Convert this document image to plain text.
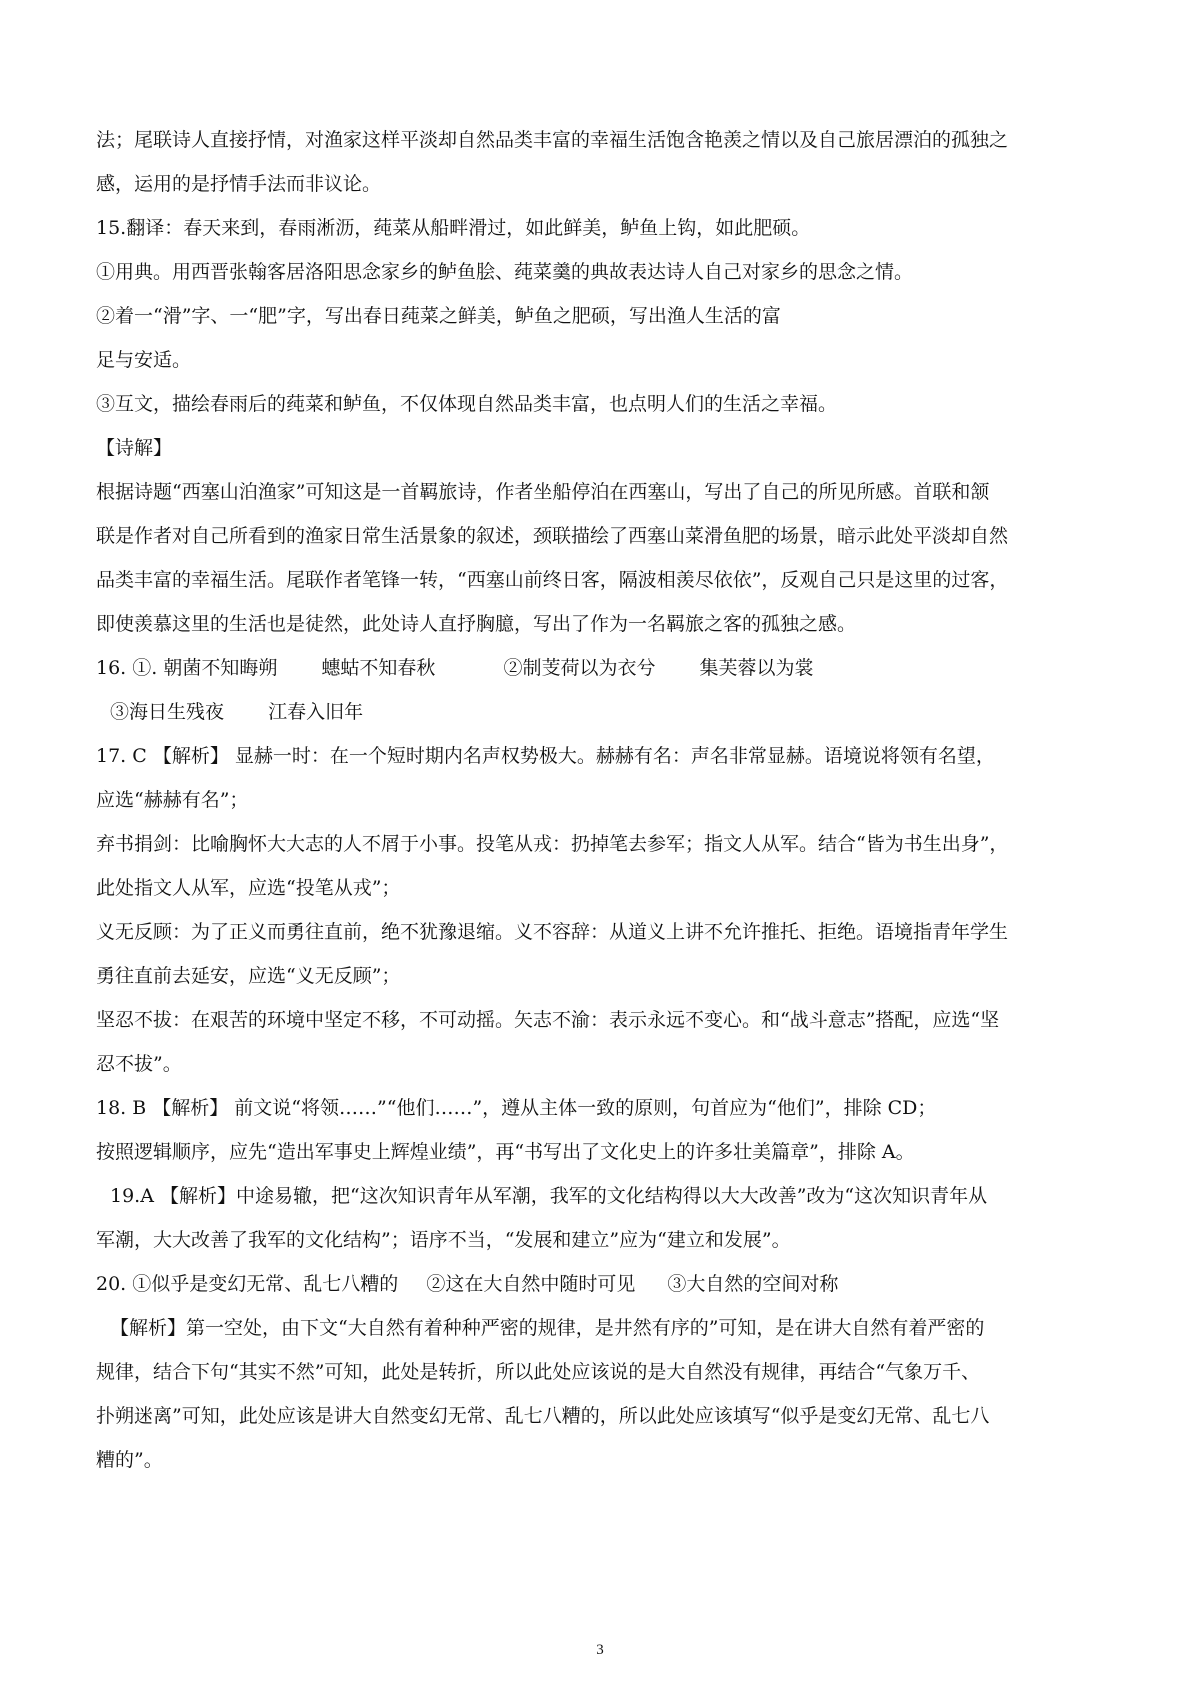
法；尾联诗人直接抒情，对渔家这样平淡却自然品类丰富的幸福生活饱含艳羡之情以及自己旅居漂泊的孤独之
感，运用的是抒情手法而非议论。
15.翻译：春天来到，春雨淅沥，莼菜从船畔滑过，如此鲜美，鲈鱼上钩，如此肥硕。
①用典。用西晋张翰客居洛阳思念家乡的鲈鱼脍、莼菜羹的典故表达诗人自己对家乡的思念之情。
②着一“滑”字、一“肥”字，写出春日莼菜之鲜美，鲈鱼之肥硕，写出渔人生活的富
足与安适。
③互文，描绘春雨后的莼菜和鲈鱼，不仅体现自然品类丰富，也点明人们的生活之幸福。
【诗解】
根据诗题“西塞山泊渔家”可知这是一首羁旅诗，作者坐船停泊在西塞山，写出了自己的所见所感。首联和颔
联是作者对自己所看到的渔家日常生活景象的叙述，颈联描绘了西塞山菜滑鱼肥的场景，暗示此处平淡却自然
品类丰富的幸福生活。尾联作者笔锋一转，“西塞山前终日客，隔波相羡尽依依”，反观自己只是这里的过客，
即使羡慕这里的生活也是徒然，此处诗人直抒胸臆，写出了作为一名羁旅之客的孤独之感。
16. ①. 朝菌不知晦朔 蟪蛄不知春秋	②制芰荷以为衣兮 集芙蓉以为裳
③海日生残夜 江春入旧年
17. C 【解析】 显赫一时：在一个短时期内名声权势极大。赫赫有名：声名非常显赫。语境说将领有名望，
应选“赫赫有名”；
弃书捐剑：比喻胸怀大大志的人不屑于小事。投笔从戎：扔掉笔去参军；指文人从军。结合“皆为书生出身”，
此处指文人从军，应选“投笔从戎”；
义无反顾：为了正义而勇往直前，绝不犹豫退缩。义不容辞：从道义上讲不允许推托、拒绝。语境指青年学生
勇往直前去延安，应选“义无反顾”；
坚忍不拔：在艰苦的环境中坚定不移，不可动摇。矢志不渝：表示永远不变心。和“战斗意志”搭配，应选“坚
忍不拔”。
18. B 【解析】 前文说“将领……”“他们……”，遵从主体一致的原则，句首应为“他们”，排除 CD；
按照逻辑顺序，应先“造出军事史上辉煌业绩”，再“书写出了文化史上的许多壮美篇章”，排除 A。
19.A 【解析】中途易辙，把“这次知识青年从军潮，我军的文化结构得以大大改善”改为“这次知识青年从
军潮，大大改善了我军的文化结构”；语序不当，“发展和建立”应为“建立和发展”。
20. ①似乎是变幻无常、乱七八糟的 ②这在大自然中随时可见 ③大自然的空间对称
【解析】第一空处，由下文“大自然有着种种严密的规律，是井然有序的”可知，是在讲大自然有着严密的
规律，结合下句“其实不然”可知，此处是转折，所以此处应该说的是大自然没有规律，再结合“气象万千、
扑朔迷离”可知，此处应该是讲大自然变幻无常、乱七八糟的，所以此处应该填写“似乎是变幻无常、乱七八
糟的”。
3
